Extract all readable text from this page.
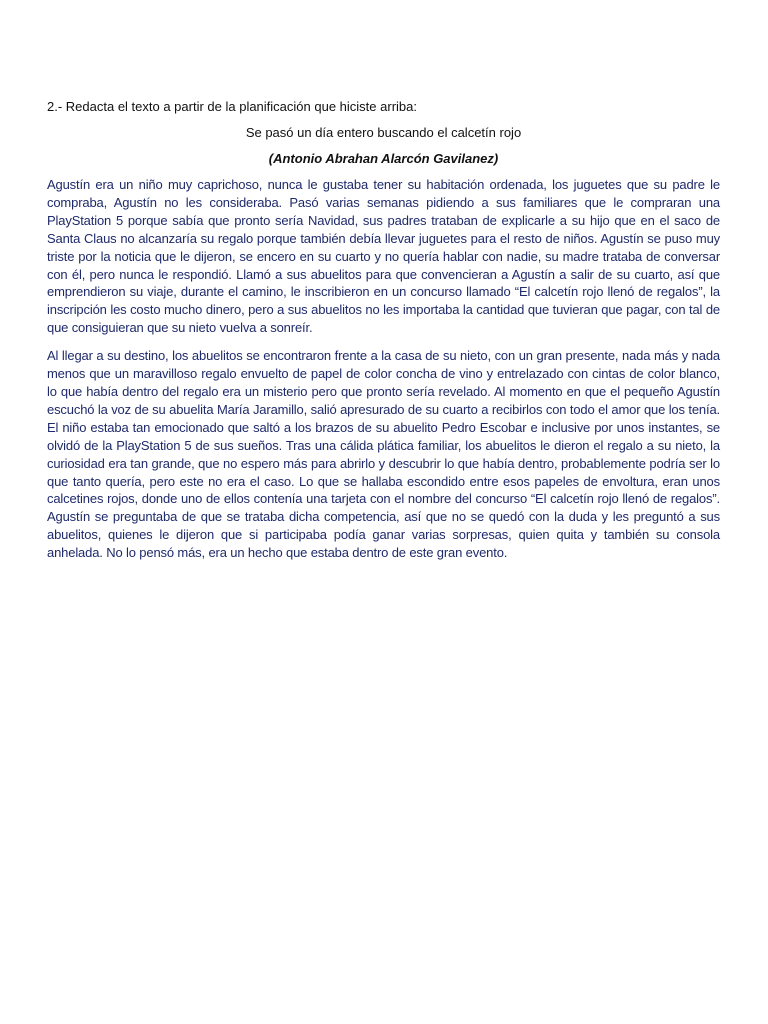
2.- Redacta el texto a partir de la planificación que hiciste arriba:

Se pasó un día entero buscando el calcetín rojo

(Antonio Abrahan Alarcón Gavilanez)

Agustín era un niño muy caprichoso, nunca le gustaba tener su habitación ordenada, los juguetes que su padre le compraba, Agustín no les consideraba. Pasó varias semanas pidiendo a sus familiares que le compraran una PlayStation 5 porque sabía que pronto sería Navidad, sus padres trataban de explicarle a su hijo que en el saco de Santa Claus no alcanzaría su regalo porque también debía llevar juguetes para el resto de niños. Agustín se puso muy triste por la noticia que le dijeron, se encero en su cuarto y no quería hablar con nadie, su madre trataba de conversar con él, pero nunca le respondió. Llamó a sus abuelitos para que convencieran a Agustín a salir de su cuarto, así que emprendieron su viaje, durante el camino, le inscribieron en un concurso llamado “El calcetín rojo llenó de regalos”, la inscripción les costo mucho dinero, pero a sus abuelitos no les importaba la cantidad que tuvieran que pagar, con tal de que consiguieran que su nieto vuelva a sonreír.

Al llegar a su destino, los abuelitos se encontraron frente a la casa de su nieto, con un gran presente, nada más y nada menos que un maravilloso regalo envuelto de papel de color concha de vino y entrelazado con cintas de color blanco, lo que había dentro del regalo era un misterio pero que pronto sería revelado. Al momento en que el pequeño Agustín escuchó la voz de su abuelita María Jaramillo, salió apresurado de su cuarto a recibirlos con todo el amor que los tenía. El niño estaba tan emocionado que saltó a los brazos de su abuelito Pedro Escobar e inclusive por unos instantes, se olvidó de la PlayStation 5 de sus sueños. Tras una cálida plática familiar, los abuelitos le dieron el regalo a su nieto, la curiosidad era tan grande, que no espero más para abrirlo y descubrir lo que había dentro, probablemente podría ser lo que tanto quería, pero este no era el caso. Lo que se hallaba escondido entre esos papeles de envoltura, eran unos calcetines rojos, donde uno de ellos contenía una tarjeta con el nombre del concurso “El calcetín rojo llenó de regalos”. Agustín se preguntaba de que se trataba dicha competencia, así que no se quedó con la duda y les preguntó a sus abuelitos, quienes le dijeron que si participaba podía ganar varias sorpresas, quien quita y también su consola anhelada. No lo pensó más, era un hecho que estaba dentro de este gran evento.
